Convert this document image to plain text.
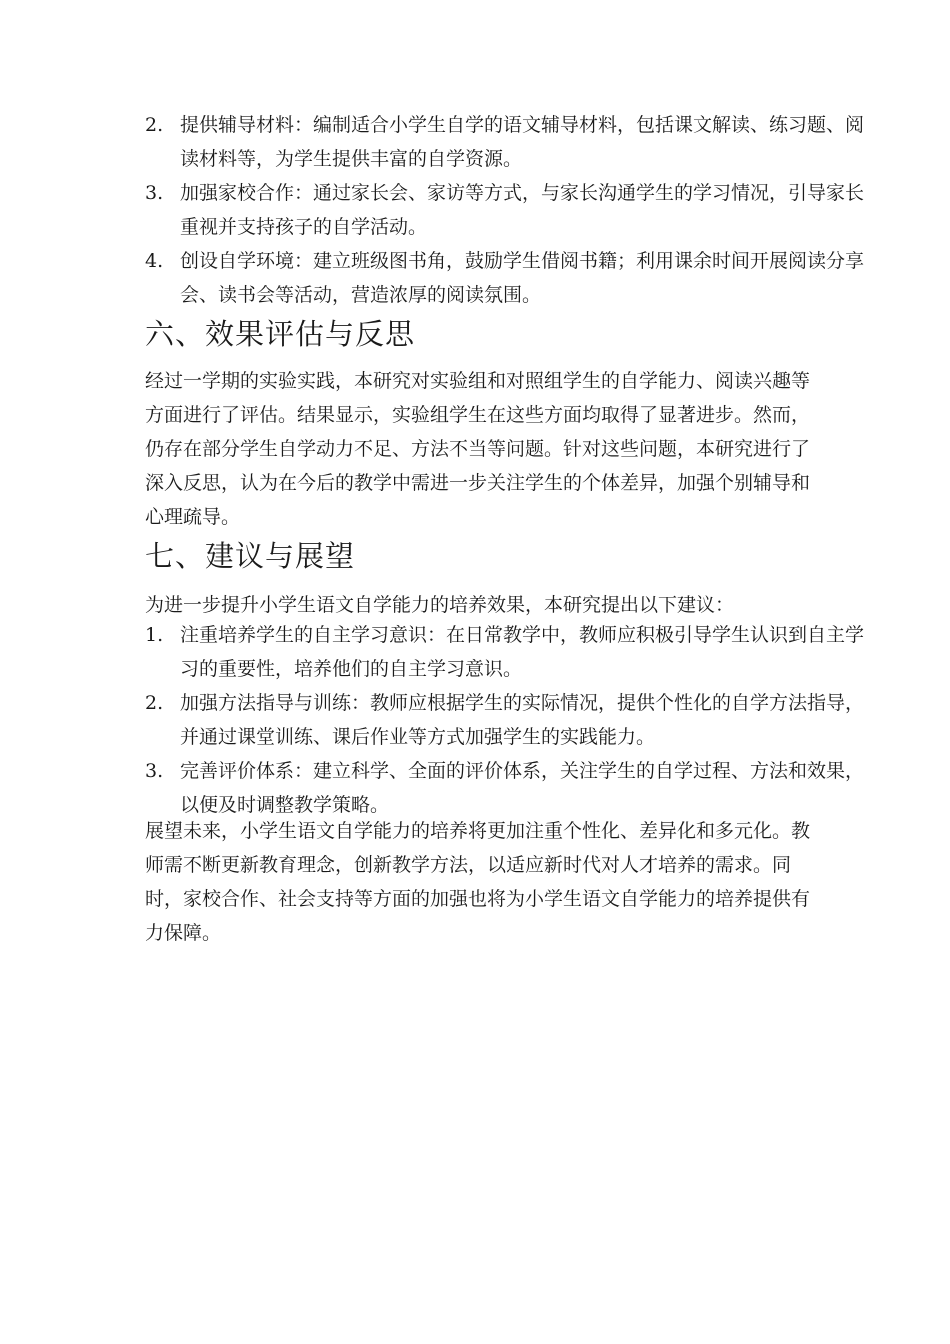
2. 提供辅导材料：编制适合小学生自学的语文辅导材料，包括课文解读、练习题、阅读材料等，为学生提供丰富的自学资源。
3. 加强家校合作：通过家长会、家访等方式，与家长沟通学生的学习情况，引导家长重视并支持孩子的自学活动。
4. 创设自学环境：建立班级图书角，鼓励学生借阅书籍；利用课余时间开展阅读分享会、读书会等活动，营造浓厚的阅读氛围。
六、效果评估与反思

经过一学期的实验实践，本研究对实验组和对照组学生的自学能力、阅读兴趣等方面进行了评估。结果显示，实验组学生在这些方面均取得了显著进步。然而，仍存在部分学生自学动力不足、方法不当等问题。针对这些问题，本研究进行了深入反思，认为在今后的教学中需进一步关注学生的个体差异，加强个别辅导和心理疏导。

七、建议与展望

为进一步提升小学生语文自学能力的培养效果，本研究提出以下建议：

1. 注重培养学生的自主学习意识：在日常教学中，教师应积极引导学生认识到自主学习的重要性，培养他们的自主学习意识。
2. 加强方法指导与训练：教师应根据学生的实际情况，提供个性化的自学方法指导，并通过课堂训练、课后作业等方式加强学生的实践能力。
3. 完善评价体系：建立科学、全面的评价体系，关注学生的自学过程、方法和效果，以便及时调整教学策略。

展望未来，小学生语文自学能力的培养将更加注重个性化、差异化和多元化。教师需不断更新教育理念，创新教学方法，以适应新时代对人才培养的需求。同时，家校合作、社会支持等方面的加强也将为小学生语文自学能力的培养提供有力保障。
